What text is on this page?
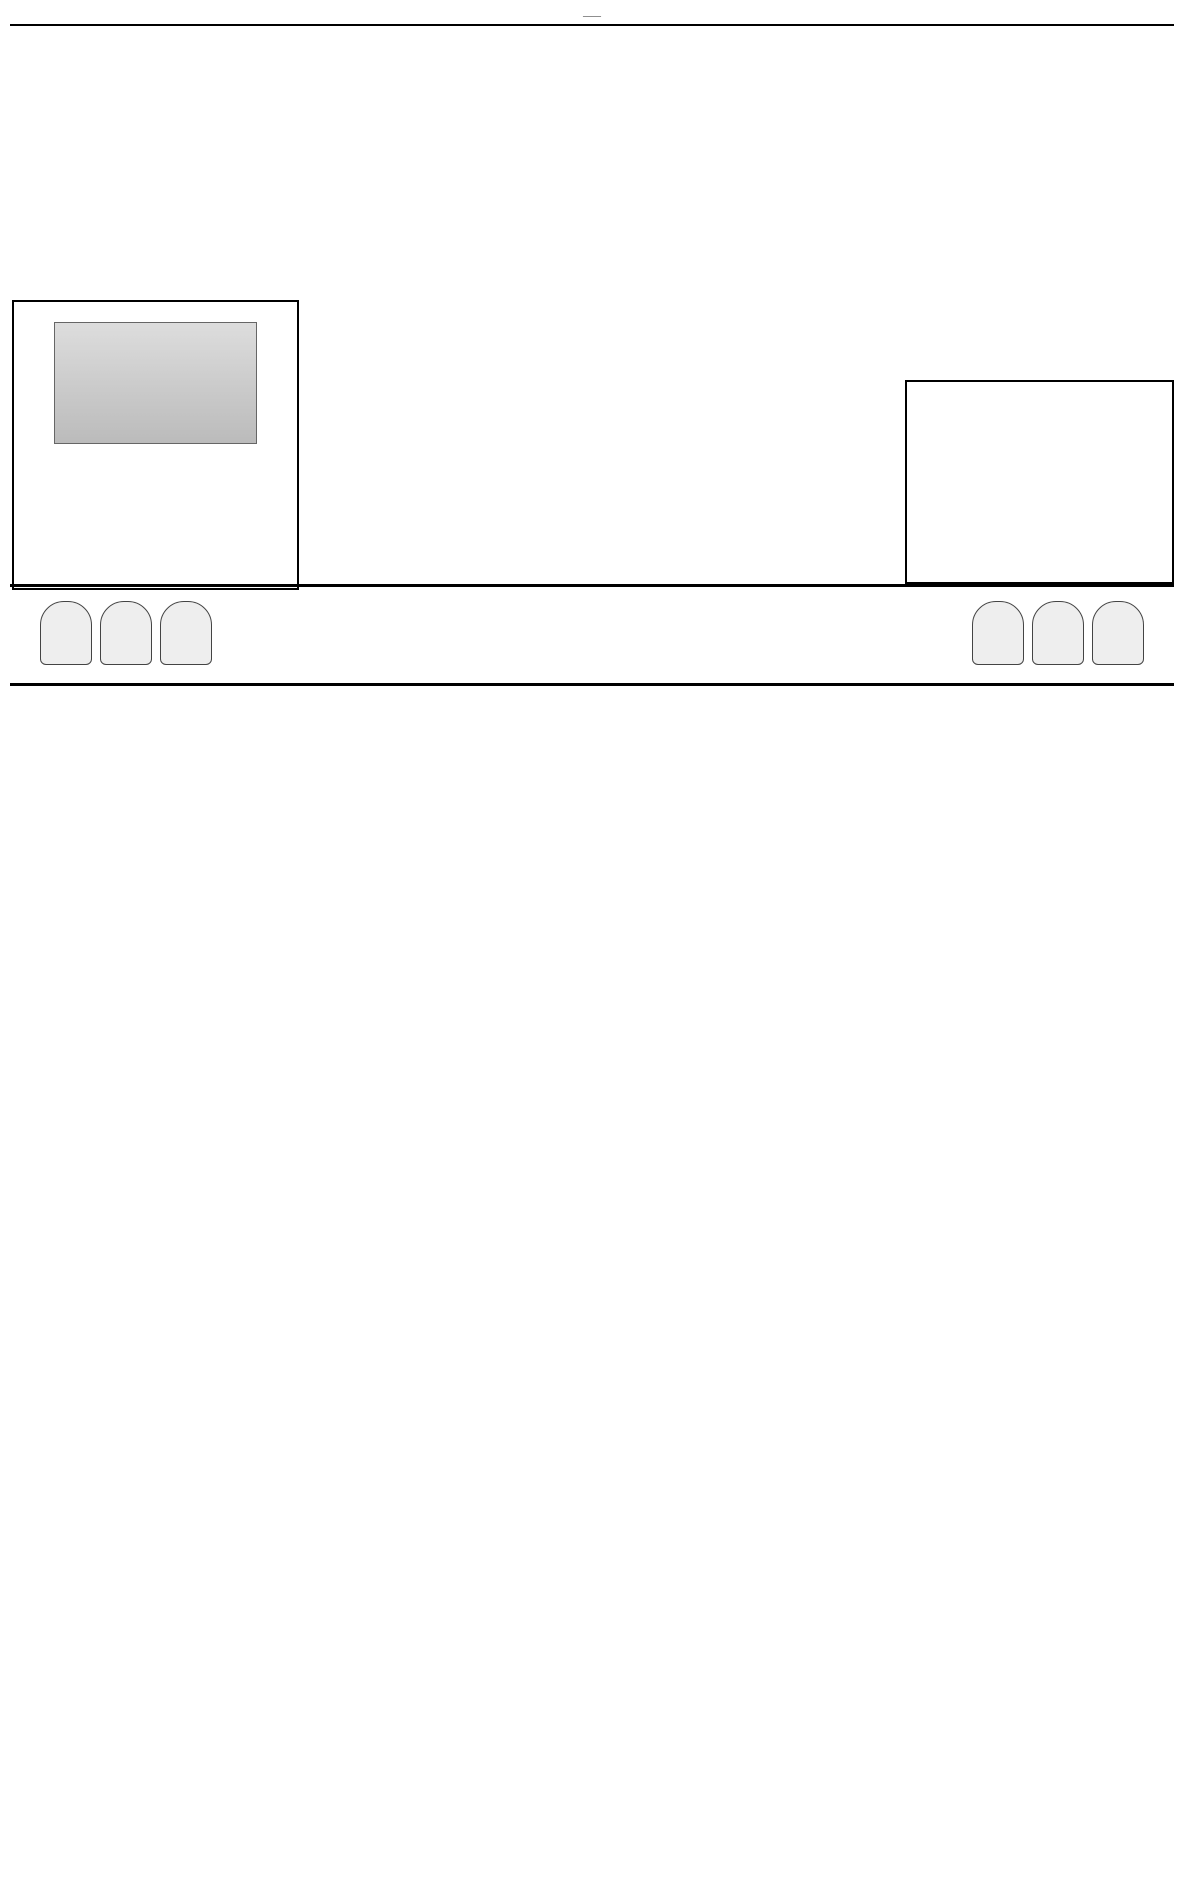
——
